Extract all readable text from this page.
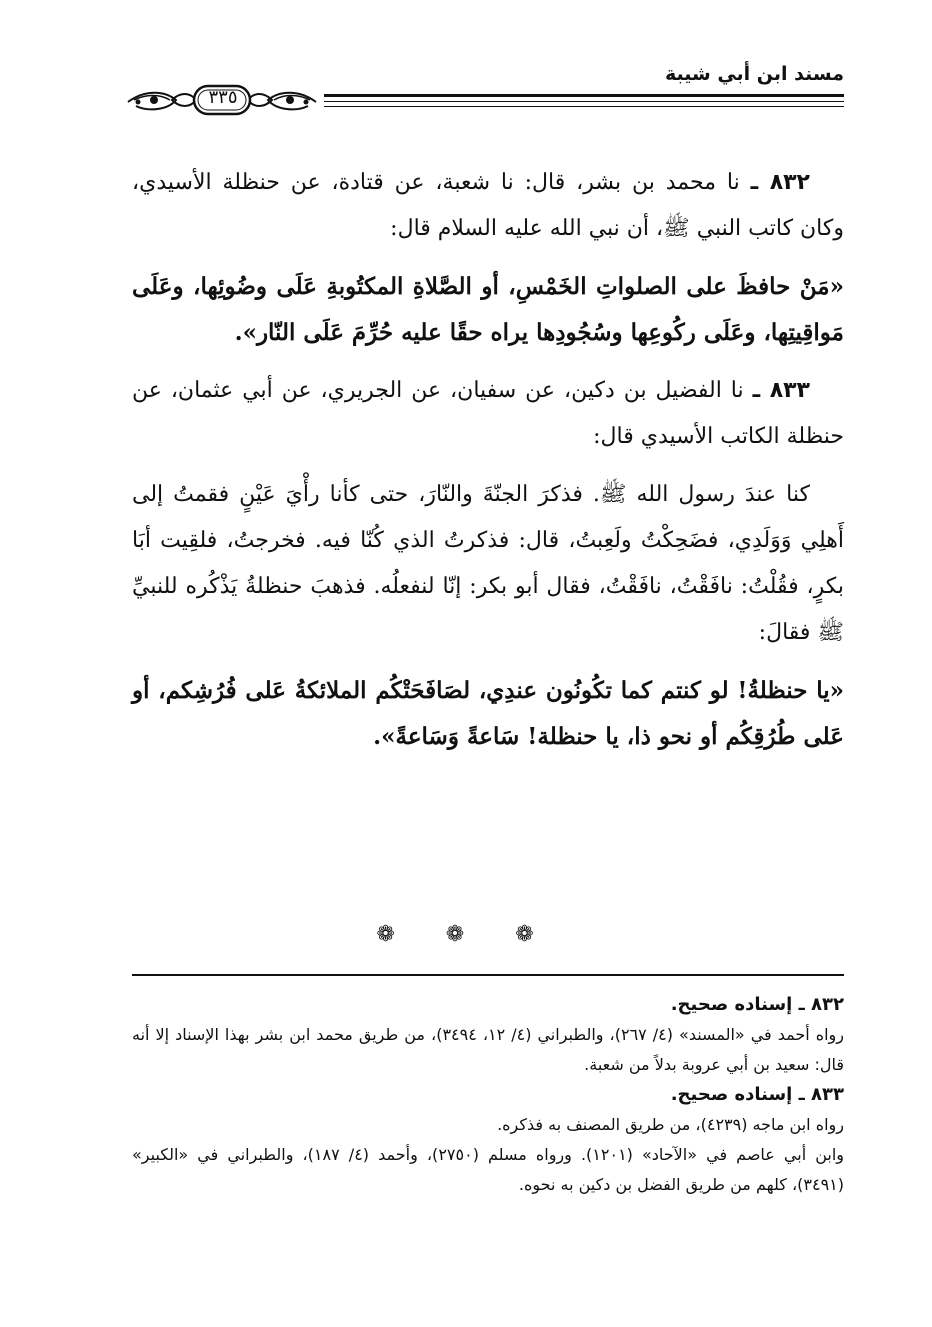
مسند ابن أبي شيبة
٣٣٥

٨٣٢ ـ نا محمد بن بشر، قال: نا شعبة، عن قتادة، عن حنظلة الأسيدي، وكان كاتب النبي ﷺ، أن نبي الله عليه السلام قال:

«مَنْ حافظَ على الصلواتِ الخَمْسِ، أو الصَّلاةِ المكتُوبةِ عَلَى وضُوئِها، وعَلَى مَواقِيتِها، وعَلَى ركُوعِها وسُجُودِها يراه حقًا عليه حُرِّمَ عَلَى النّار».

٨٣٣ ـ نا الفضيل بن دكين، عن سفيان، عن الجريري، عن أبي عثمان، عن حنظلة الكاتب الأسيدي قال:

كنا عندَ رسول الله ﷺ. فذكرَ الجنّةَ والنّارَ، حتى كأنا رأْيَ عَيْنٍ فقمتُ إلى أَهلِي وَوَلَدِي، فضَحِكْتُ ولَعِبتُ، قال: فذكرتُ الذي كُنّا فيه. فخرجتُ، فلقِيت أبَا بكرٍ، فقُلْتُ: نافَقْتُ، نافَقْتُ، فقال أبو بكر: إنّا لنفعلُه. فذهبَ حنظلةُ يَذْكُره للنبيِّ ﷺ فقالَ:

«يا حنظلةُ! لو كنتم كما تكُونُون عندِي، لصَافَحَتْكُم الملائكةُ عَلى فُرُشِكم، أو عَلى طُرُقِكُم أو نحو ذا، يا حنظلة! سَاعةً وَسَاعةً».

❁ ❁ ❁

٨٣٢ ـ إسناده صحيح.

رواه أحمد في «المسند» (٤/ ٢٦٧)، والطبراني (٤/ ١٢، ٣٤٩٤)، من طريق محمد ابن بشر بهذا الإسناد إلا أنه قال: سعيد بن أبي عروبة بدلاً من شعبة.

٨٣٣ ـ إسناده صحيح.

رواه ابن ماجه (٤٢٣٩)، من طريق المصنف به فذكره.

وابن أبي عاصم في «الآحاد» (١٢٠١). ورواه مسلم (٢٧٥٠)، وأحمد (٤/ ١٨٧)، والطبراني في «الكبير» (٣٤٩١)، كلهم من طريق الفضل بن دكين به نحوه.
